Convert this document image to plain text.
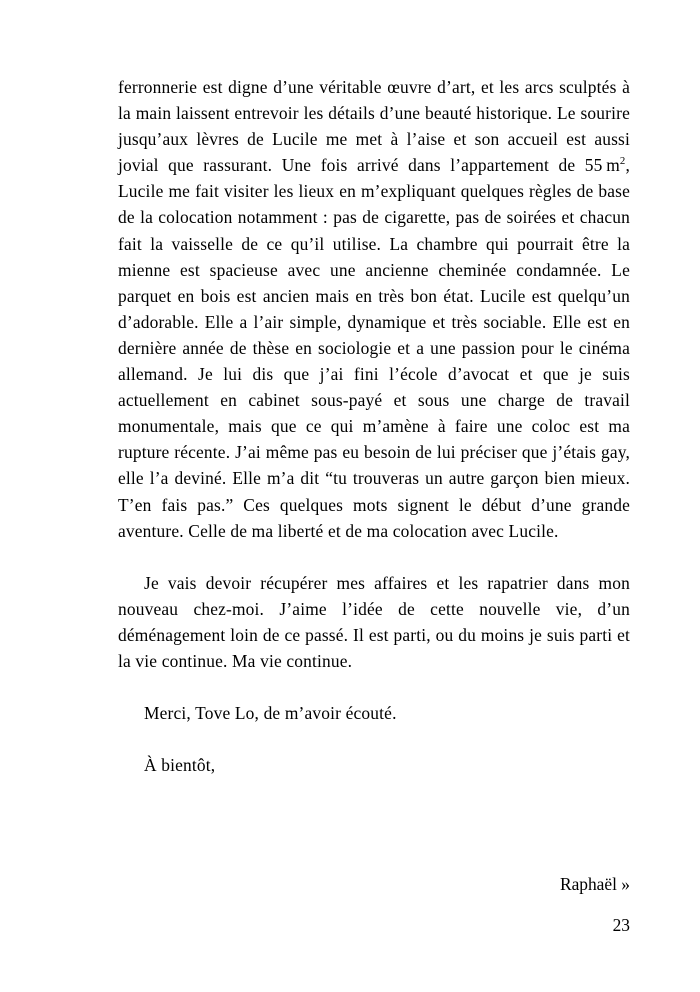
ferronnerie est digne d’une véritable œuvre d’art, et les arcs sculptés à la main laissent entrevoir les détails d’une beauté historique. Le sourire jusqu’aux lèvres de Lucile me met à l’aise et son accueil est aussi jovial que rassurant. Une fois arrivé dans l’appartement de 55 $m^2$, Lucile me fait visiter les lieux en m’expliquant quelques règles de base de la colocation notamment : pas de cigarette, pas de soirées et chacun fait la vaisselle de ce qu’il utilise. La chambre qui pourrait être la mienne est spacieuse avec une ancienne cheminée condamnée. Le parquet en bois est ancien mais en très bon état. Lucile est quelqu’un d’adorable. Elle a l’air simple, dynamique et très sociable. Elle est en dernière année de thèse en sociologie et a une passion pour le cinéma allemand. Je lui dis que j’ai fini l’école d’avocat et que je suis actuellement en cabinet sous-payé et sous une charge de travail monumentale, mais que ce qui m’amène à faire une coloc est ma rupture récente. J’ai même pas eu besoin de lui préciser que j’étais gay, elle l’a deviné. Elle m’a dit “tu trouveras un autre garçon bien mieux. T’en fais pas.” Ces quelques mots signent le début d’une grande aventure. Celle de ma liberté et de ma colocation avec Lucile.

Je vais devoir récupérer mes affaires et les rapatrier dans mon nouveau chez-moi. J’aime l’idée de cette nouvelle vie, d’un déménagement loin de ce passé. Il est parti, ou du moins je suis parti et la vie continue. Ma vie continue.

Merci, Tove Lo, de m’avoir écouté.

À bientôt,

Raphaël »
23
